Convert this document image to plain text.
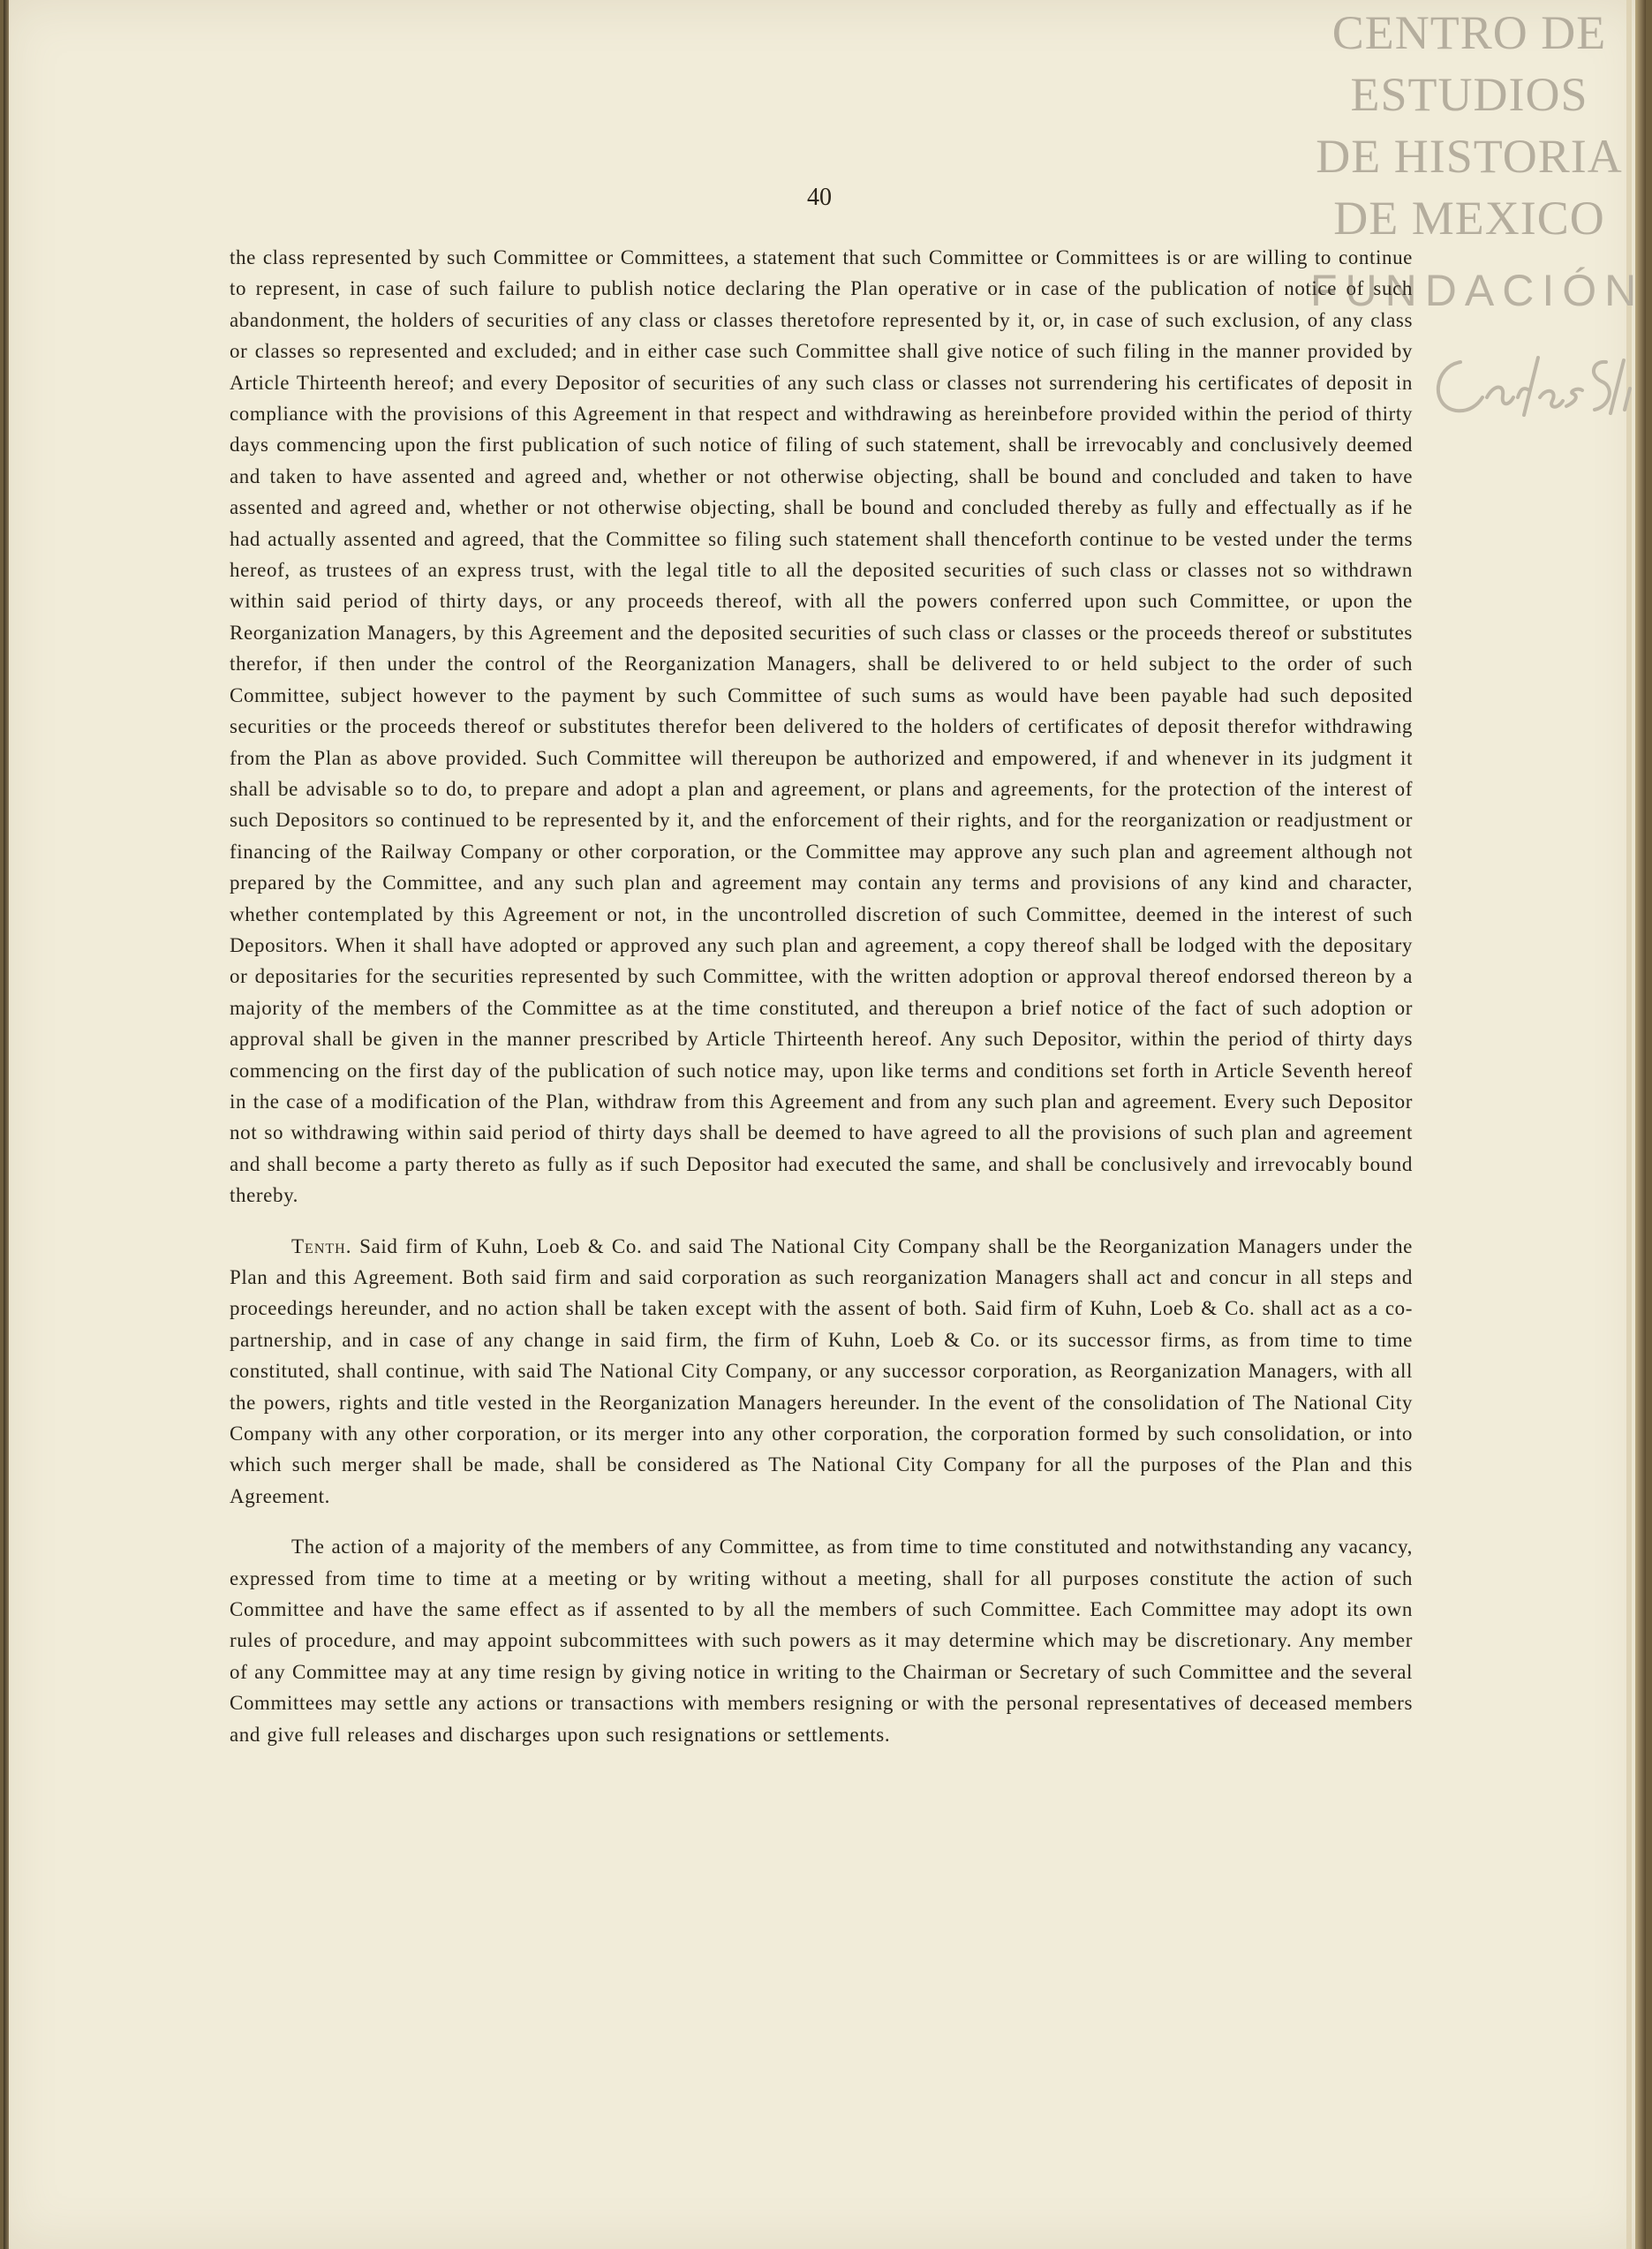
CENTRO DE
ESTUDIOS
DE HISTORIA
DE MEXICO
FUNDACIÓN
40

the class represented by such Committee or Committees, a statement that such Committee or Committees is or are willing to continue to represent, in case of such failure to publish notice declaring the Plan operative or in case of the publication of notice of such abandonment, the holders of securities of any class or classes theretofore represented by it, or, in case of such exclusion, of any class or classes so represented and excluded; and in either case such Committee shall give notice of such filing in the manner provided by Article Thirteenth hereof; and every Depositor of securities of any such class or classes not surrendering his certificates of deposit in compliance with the provisions of this Agreement in that respect and withdrawing as hereinbefore provided within the period of thirty days commencing upon the first publication of such notice of filing of such statement, shall be irrevocably and conclusively deemed and taken to have assented and agreed and, whether or not otherwise objecting, shall be bound and concluded and taken to have assented and agreed and, whether or not otherwise objecting, shall be bound and concluded thereby as fully and effectually as if he had actually assented and agreed, that the Committee so filing such statement shall thenceforth continue to be vested under the terms hereof, as trustees of an express trust, with the legal title to all the deposited securities of such class or classes not so withdrawn within said period of thirty days, or any proceeds thereof, with all the powers conferred upon such Committee, or upon the Reorganization Managers, by this Agreement and the deposited securities of such class or classes or the proceeds thereof or substitutes therefor, if then under the control of the Reorganization Managers, shall be delivered to or held subject to the order of such Committee, subject however to the payment by such Committee of such sums as would have been payable had such deposited securities or the proceeds thereof or substitutes therefor been delivered to the holders of certificates of deposit therefor withdrawing from the Plan as above provided. Such Committee will thereupon be authorized and empowered, if and whenever in its judgment it shall be advisable so to do, to prepare and adopt a plan and agreement, or plans and agreements, for the protection of the interest of such Depositors so continued to be represented by it, and the enforcement of their rights, and for the reorganization or readjustment or financing of the Railway Company or other corporation, or the Committee may approve any such plan and agreement although not prepared by the Committee, and any such plan and agreement may contain any terms and provisions of any kind and character, whether contemplated by this Agreement or not, in the uncontrolled discretion of such Committee, deemed in the interest of such Depositors. When it shall have adopted or approved any such plan and agreement, a copy thereof shall be lodged with the depositary or depositaries for the securities represented by such Committee, with the written adoption or approval thereof endorsed thereon by a majority of the members of the Committee as at the time constituted, and thereupon a brief notice of the fact of such adoption or approval shall be given in the manner prescribed by Article Thirteenth hereof. Any such Depositor, within the period of thirty days commencing on the first day of the publication of such notice may, upon like terms and conditions set forth in Article Seventh hereof in the case of a modification of the Plan, withdraw from this Agreement and from any such plan and agreement. Every such Depositor not so withdrawing within said period of thirty days shall be deemed to have agreed to all the provisions of such plan and agreement and shall become a party thereto as fully as if such Depositor had executed the same, and shall be conclusively and irrevocably bound thereby.

Tenth. Said firm of Kuhn, Loeb & Co. and said The National City Company shall be the Reorganization Managers under the Plan and this Agreement. Both said firm and said corporation as such reorganization Managers shall act and concur in all steps and proceedings hereunder, and no action shall be taken except with the assent of both. Said firm of Kuhn, Loeb & Co. shall act as a co-partnership, and in case of any change in said firm, the firm of Kuhn, Loeb & Co. or its successor firms, as from time to time constituted, shall continue, with said The National City Company, or any successor corporation, as Reorganization Managers, with all the powers, rights and title vested in the Reorganization Managers hereunder. In the event of the consolidation of The National City Company with any other corporation, or its merger into any other corporation, the corporation formed by such consolidation, or into which such merger shall be made, shall be considered as The National City Company for all the purposes of the Plan and this Agreement.

The action of a majority of the members of any Committee, as from time to time constituted and notwithstanding any vacancy, expressed from time to time at a meeting or by writing without a meeting, shall for all purposes constitute the action of such Committee and have the same effect as if assented to by all the members of such Committee. Each Committee may adopt its own rules of procedure, and may appoint subcommittees with such powers as it may determine which may be discretionary. Any member of any Committee may at any time resign by giving notice in writing to the Chairman or Secretary of such Committee and the several Committees may settle any actions or transactions with members resigning or with the personal representatives of deceased members and give full releases and discharges upon such resignations or settlements.
